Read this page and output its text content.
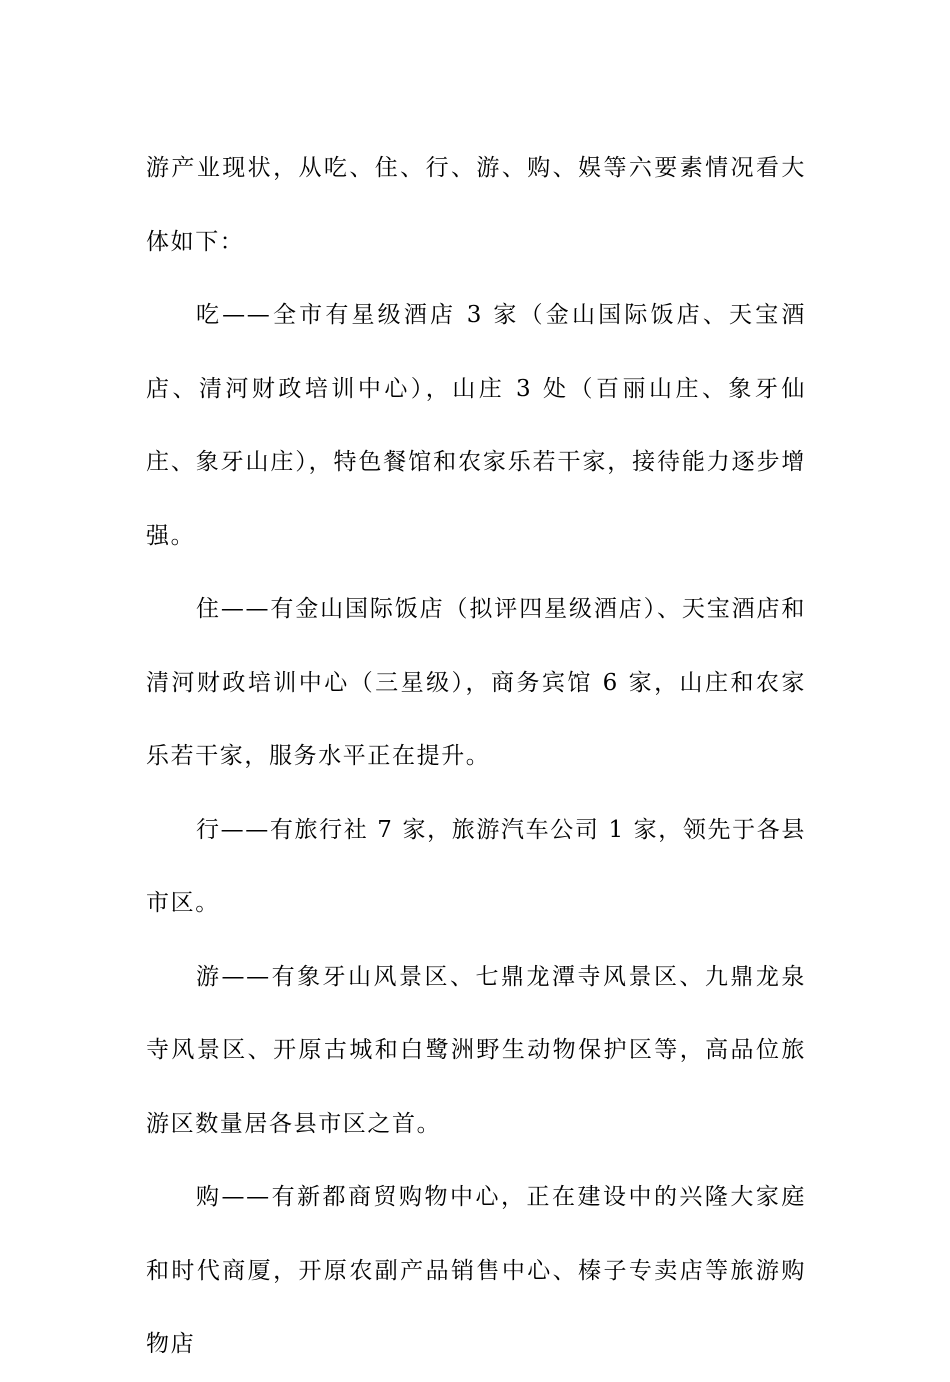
游产业现状，从吃、住、行、游、购、娱等六要素情况看大体如下：

吃——全市有星级酒店 3 家（金山国际饭店、天宝酒店、清河财政培训中心），山庄 3 处（百丽山庄、象牙仙庄、象牙山庄），特色餐馆和农家乐若干家，接待能力逐步增强。

住——有金山国际饭店（拟评四星级酒店）、天宝酒店和清河财政培训中心（三星级），商务宾馆 6 家，山庄和农家乐若干家，服务水平正在提升。

行——有旅行社 7 家，旅游汽车公司 1 家，领先于各县市区。

游——有象牙山风景区、七鼎龙潭寺风景区、九鼎龙泉寺风景区、开原古城和白鹭洲野生动物保护区等，高品位旅游区数量居各县市区之首。

购——有新都商贸购物中心，正在建设中的兴隆大家庭和时代商厦，开原农副产品销售中心、榛子专卖店等旅游购物店
